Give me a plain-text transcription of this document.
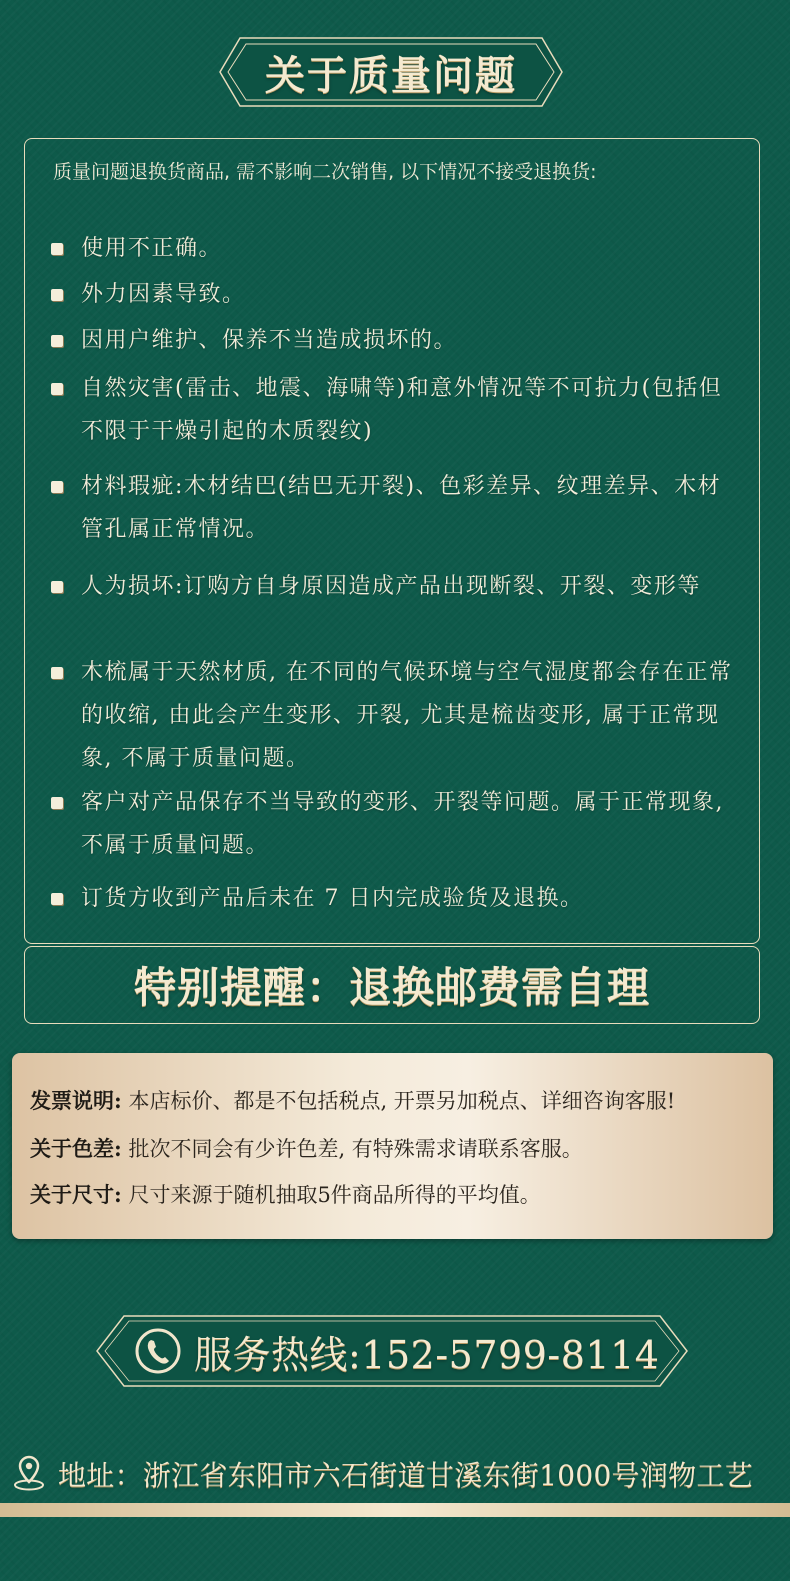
关于质量问题
质量问题退换货商品, 需不影响二次销售, 以下情况不接受退换货:
使用不正确。
外力因素导致。
因用户维护、保养不当造成损坏的。
自然灾害(雷击、地震、海啸等)和意外情况等不可抗力(包括但不限于干燥引起的木质裂纹)
材料瑕疵:木材结巴(结巴无开裂)、色彩差异、纹理差异、木材管孔属正常情况。
人为损坏:订购方自身原因造成产品出现断裂、开裂、变形等
木梳属于天然材质, 在不同的气候环境与空气湿度都会存在正常的收缩, 由此会产生变形、开裂, 尤其是梳齿变形, 属于正常现象, 不属于质量问题。
客户对产品保存不当导致的变形、开裂等问题。属于正常现象, 不属于质量问题。
订货方收到产品后未在 7 日内完成验货及退换。
特别提醒：退换邮费需自理
发票说明: 本店标价、都是不包括税点, 开票另加税点、详细咨询客服!
关于色差: 批次不同会有少许色差, 有特殊需求请联系客服。
关于尺寸: 尺寸来源于随机抽取5件商品所得的平均值。
服务热线:152-5799-8114
地址：浙江省东阳市六石街道甘溪东街1000号润物工艺
